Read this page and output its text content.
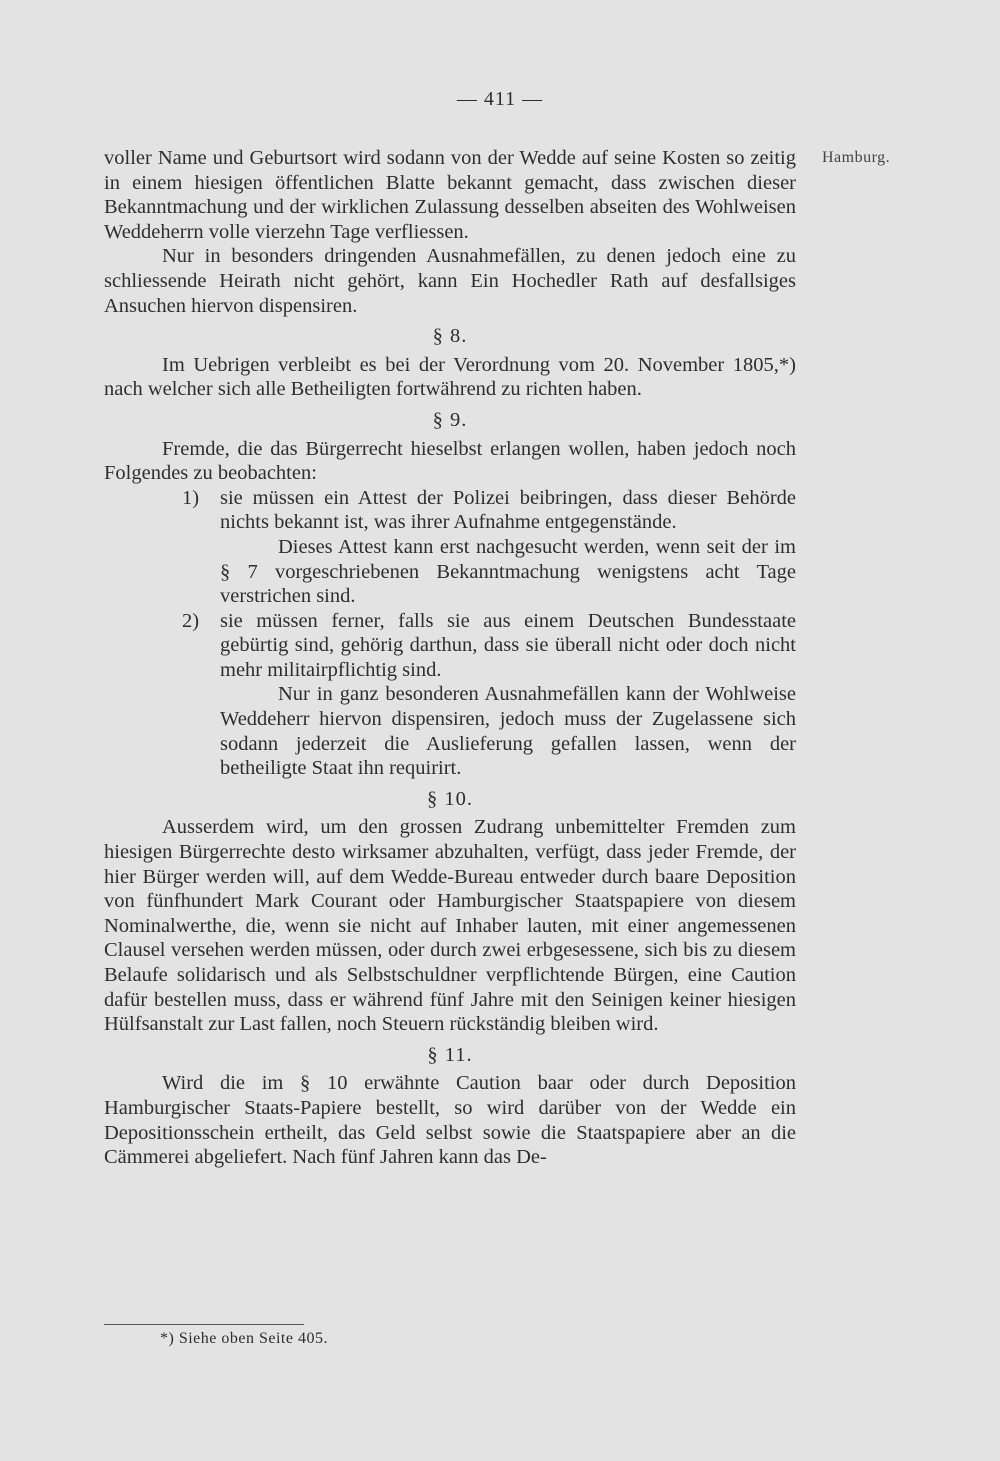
— 411 —
Hamburg.

voller Name und Geburtsort wird sodann von der Wedde auf seine Kosten so zeitig in einem hiesigen öffentlichen Blatte bekannt gemacht, dass zwischen dieser Bekanntmachung und der wirklichen Zulassung desselben abseiten des Wohlweisen Weddeherrn volle vierzehn Tage verfliessen.

Nur in besonders dringenden Ausnahmefällen, zu denen jedoch eine zu schliessende Heirath nicht gehört, kann Ein Hochedler Rath auf desfallsiges Ansuchen hiervon dispensiren.

§ 8.

Im Uebrigen verbleibt es bei der Verordnung vom 20. November 1805,*) nach welcher sich alle Betheiligten fortwährend zu richten haben.

§ 9.

Fremde, die das Bürgerrecht hieselbst erlangen wollen, haben jedoch noch Folgendes zu beobachten:

1) sie müssen ein Attest der Polizei beibringen, dass dieser Behörde nichts bekannt ist, was ihrer Aufnahme entgegenstände.

Dieses Attest kann erst nachgesucht werden, wenn seit der im § 7 vorgeschriebenen Bekanntmachung wenigstens acht Tage verstrichen sind.

2) sie müssen ferner, falls sie aus einem Deutschen Bundesstaate gebürtig sind, gehörig darthun, dass sie überall nicht oder doch nicht mehr militairpflichtig sind.

Nur in ganz besonderen Ausnahmefällen kann der Wohlweise Weddeherr hiervon dispensiren, jedoch muss der Zugelassene sich sodann jederzeit die Auslieferung gefallen lassen, wenn der betheiligte Staat ihn requirirt.

§ 10.

Ausserdem wird, um den grossen Zudrang unbemittelter Fremden zum hiesigen Bürgerrechte desto wirksamer abzuhalten, verfügt, dass jeder Fremde, der hier Bürger werden will, auf dem Wedde-Bureau entweder durch baare Deposition von fünfhundert Mark Courant oder Hamburgischer Staatspapiere von diesem Nominalwerthe, die, wenn sie nicht auf Inhaber lauten, mit einer angemessenen Clausel versehen werden müssen, oder durch zwei erbgesessene, sich bis zu diesem Belaufe solidarisch und als Selbstschuldner verpflichtende Bürgen, eine Caution dafür bestellen muss, dass er während fünf Jahre mit den Seinigen keiner hiesigen Hülfsanstalt zur Last fallen, noch Steuern rückständig bleiben wird.

§ 11.

Wird die im § 10 erwähnte Caution baar oder durch Deposition Hamburgischer Staats-Papiere bestellt, so wird darüber von der Wedde ein Depositionsschein ertheilt, das Geld selbst sowie die Staatspapiere aber an die Cämmerei abgeliefert. Nach fünf Jahren kann das De-

*) Siehe oben Seite 405.
